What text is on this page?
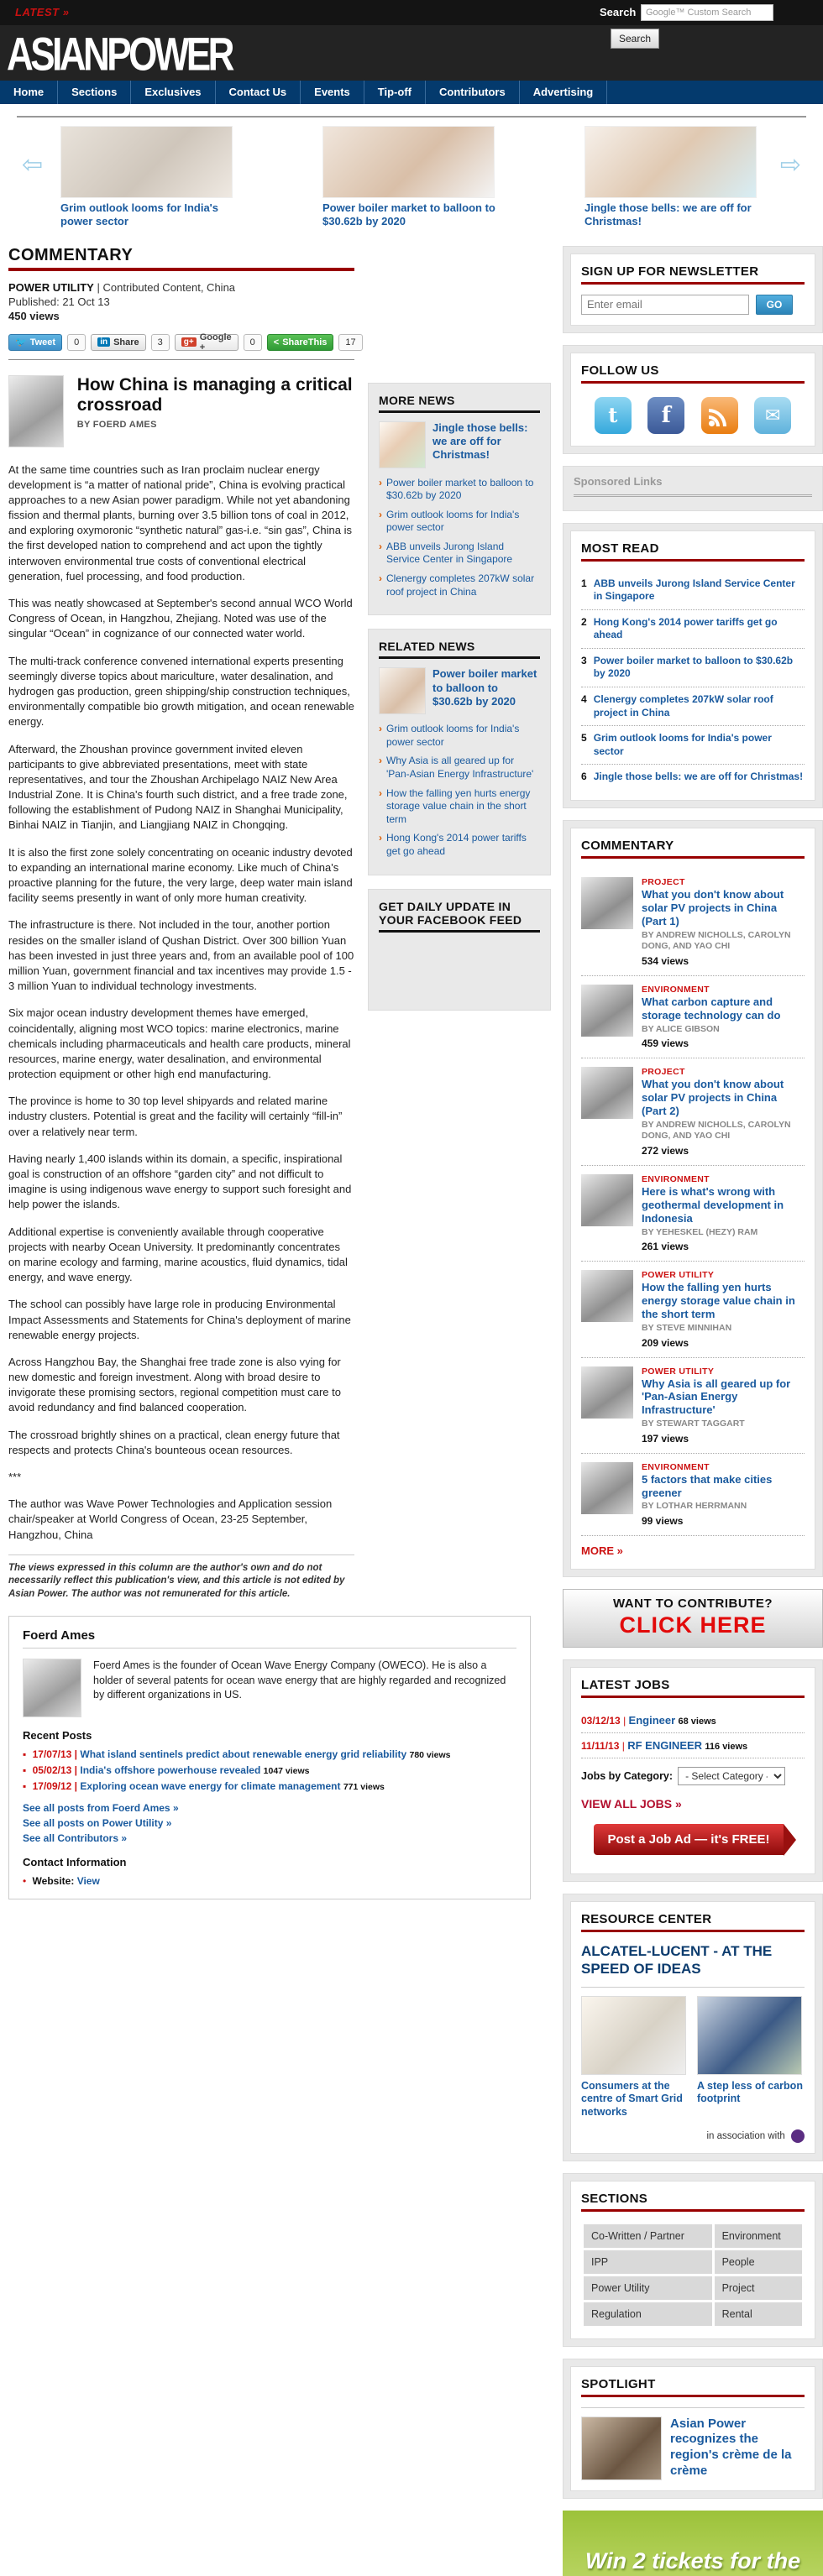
LATEST »	Search
Google™ Custom Search
ASIANPOWER	Search
Home	Sections	Exclusives	Contact Us	Events	Tip-off	Contributors	Advertising
⇦
Grim outlook looms for India's power sector
Power boiler market to balloon to $30.62b by 2020
Jingle those bells: we are off for Christmas!
⇨
COMMENTARY
POWER UTILITY | Contributed Content, China
Published: 21 Oct 13
450 views
🐦 Tweet	0	in Share	3	g+ Google +	0	< ShareThis	17
How China is managing a critical crossroad
BY FOERD AMES

At the same time countries such as Iran proclaim nuclear energy development is “a matter of national pride”, China is evolving practical approaches to a new Asian power paradigm. While not yet abandoning fission and thermal plants, burning over 3.5 billion tons of coal in 2012, and exploring oxymoronic “synthetic natural” gas-i.e. “sin gas”, China is the first developed nation to comprehend and act upon the tightly interwoven environmental true costs of conventional electrical generation, fuel processing, and food production.

This was neatly showcased at September's second annual WCO World Congress of Ocean, in Hangzhou, Zhejiang. Noted was use of the singular “Ocean” in cognizance of our connected water world.

The multi-track conference convened international experts presenting seemingly diverse topics about mariculture, water desalination, and hydrogen gas production, green shipping/ship construction techniques, environmentally compatible bio growth mitigation, and ocean renewable energy.

Afterward, the Zhoushan province government invited eleven participants to give abbreviated presentations, meet with state representatives, and tour the Zhoushan Archipelago NAIZ New Area Industrial Zone. It is China's fourth such district, and a free trade zone, following the establishment of Pudong NAIZ in Shanghai Municipality, Binhai NAIZ in Tianjin, and Liangjiang NAIZ in Chongqing.

It is also the first zone solely concentrating on oceanic industry devoted to expanding an international marine economy. Like much of China's proactive planning for the future, the very large, deep water main island facility seems presently in want of only more human creativity.

The infrastructure is there. Not included in the tour, another portion resides on the smaller island of Qushan District. Over 300 billion Yuan has been invested in just three years and, from an available pool of 100 million Yuan, government financial and tax incentives may provide 1.5 - 3 million Yuan to individual technology investments.

Six major ocean industry development themes have emerged, coincidentally, aligning most WCO topics: marine electronics, marine chemicals including pharmaceuticals and health care products, mineral resources, marine energy, water desalination, and environmental protection equipment or other high end manufacturing.

The province is home to 30 top level shipyards and related marine industry clusters. Potential is great and the facility will certainly “fill-in” over a relatively near term.

Having nearly 1,400 islands within its domain, a specific, inspirational goal is construction of an offshore “garden city” and not difficult to imagine is using indigenous wave energy to support such foresight and help power the islands.

Additional expertise is conveniently available through cooperative projects with nearby Ocean University. It predominantly concentrates on marine ecology and farming, marine acoustics, fluid dynamics, tidal energy, and wave energy.

The school can possibly have large role in producing Environmental Impact Assessments and Statements for China's deployment of marine renewable energy projects.

Across Hangzhou Bay, the Shanghai free trade zone is also vying for new domestic and foreign investment. Along with broad desire to invigorate these promising sectors, regional competition must care to avoid redundancy and find balanced cooperation.

The crossroad brightly shines on a practical, clean energy future that respects and protects China's bounteous ocean resources.

***

The author was Wave Power Technologies and Application session chair/speaker at World Congress of Ocean, 23-25 September, Hangzhou, China

The views expressed in this column are the author's own and do not necessarily reflect this publication's view, and this article is not edited by Asian Power. The author was not remunerated for this article.
MORE NEWS
Jingle those bells: we are off for Christmas!
› Power boiler market to balloon to $30.62b by 2020
› Grim outlook looms for India's power sector
› ABB unveils Jurong Island Service Center in Singapore
› Clenergy completes 207kW solar roof project in China
RELATED NEWS
Power boiler market to balloon to $30.62b by 2020
› Grim outlook looms for India's power sector
› Why Asia is all geared up for 'Pan-Asian Energy Infrastructure'
› How the falling yen hurts energy storage value chain in the short term
› Hong Kong's 2014 power tariffs get go ahead
GET DAILY UPDATE IN YOUR FACEBOOK FEED
Foerd Ames
Foerd Ames is the founder of Ocean Wave Energy Company (OWECO). He is also a holder of several patents for ocean wave energy that are highly regarded and recognized by different organizations in US.
Recent Posts
▪ 17/07/13 | What island sentinels predict about renewable energy grid reliability 780 views
▪ 05/02/13 | India's offshore powerhouse revealed 1047 views
▪ 17/09/12 | Exploring ocean wave energy for climate management 771 views
See all posts from Foerd Ames »
See all posts on Power Utility »
See all Contributors »
Contact Information
• Website: View
SIGN UP FOR NEWSLETTER
Enter email
GO
FOLLOW US
t	f	✉
Sponsored Links
MOST READ
1 ABB unveils Jurong Island Service Center in Singapore
2 Hong Kong's 2014 power tariffs get go ahead
3 Power boiler market to balloon to $30.62b by 2020
4 Clenergy completes 207kW solar roof project in China
5 Grim outlook looms for India's power sector
6 Jingle those bells: we are off for Christmas!
COMMENTARY
PROJECT
What you don't know about solar PV projects in China (Part 1)
BY ANDREW NICHOLLS, CAROLYN DONG, AND YAO CHI
534 views
ENVIRONMENT
What carbon capture and storage technology can do
BY ALICE GIBSON
459 views
PROJECT
What you don't know about solar PV projects in China (Part 2)
BY ANDREW NICHOLLS, CAROLYN DONG, AND YAO CHI
272 views
ENVIRONMENT
Here is what's wrong with geothermal development in Indonesia
BY YEHESKEL (HEZY) RAM
261 views
POWER UTILITY
How the falling yen hurts energy storage value chain in the short term
BY STEVE MINNIHAN
209 views
POWER UTILITY
Why Asia is all geared up for 'Pan-Asian Energy Infrastructure'
BY STEWART TAGGART
197 views
ENVIRONMENT
5 factors that make cities greener
BY LOTHAR HERRMANN
99 views
MORE »
WANT TO CONTRIBUTE?
CLICK HERE
LATEST JOBS
03/12/13 | Engineer 68 views
11/11/13 | RF ENGINEER 116 views
Jobs by Category:
- Select Category -
VIEW ALL JOBS »
Post a Job Ad — it's FREE!
RESOURCE CENTER
ALCATEL-LUCENT - AT THE SPEED OF IDEAS
Consumers at the centre of Smart Grid networks
A step less of carbon footprint
in association with
SECTIONS
Co-Written / Partner	Environment
IPP	People
Power Utility	Project
Regulation	Rental
SPOTLIGHT
Asian Power recognizes the region's crème de la crème
Win 2 tickets for the
